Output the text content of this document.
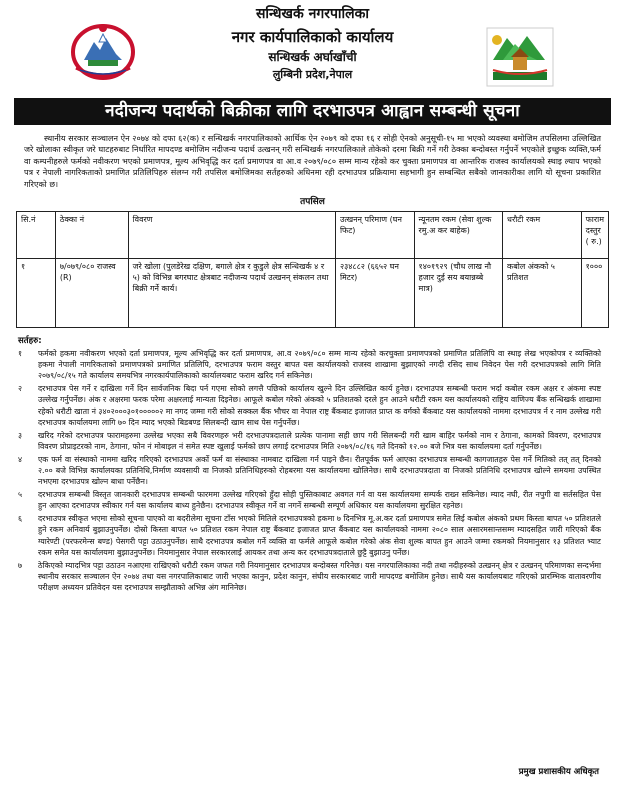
सन्धिखर्क नगरपालिका
नगर कार्यपालिकाको कार्यालय
सन्धिखर्क अर्घाखाँची
लुम्बिनी प्रदेश,नेपाल
नदीजन्य पदार्थको बिक्रीका लागि दरभाउपत्र आह्वान सम्बन्धी सूचना

स्थानीय सरकार सञ्चालन ऐन २०७४ को दफा ६२(क) र सन्धिखर्क नगरपालिकाको आर्थिक ऐन २०७९ को दफा १६ र सोही ऐनको अनुसूची-१५ मा भएको व्यवस्था बमोजिम तपसिलमा उल्लिखित जरे खोलाका स्वीकृत जरे घाटहरुबाट निर्धारित मापदण्ड बमोजिम नदीजन्य पदार्थ उत्खनन् गरी सन्धिखर्क नगरपालिकाले तोकेको दरमा बिक्री गर्ने गरी ठेक्का बन्दोबस्त गर्नुपर्ने भएकोले इच्छुक व्यक्ति,फर्म वा कम्पनीहरुले फर्मको नवीकरण भएको प्रमाणपत्र, मूल्य अभिवृद्धि कर दर्ता प्रमाणपत्र वा आ.व २०७९/०८० सम्म मान्य रहेको कर चुक्ता प्रमाणपत्र वा आन्तरिक राजस्व कार्यालयको स्थाइ ल्याप भएको पत्र र नेपाली नागरिकताको प्रमाणित प्रतिलिपिहरु संलग्न गरी तपसिल बमोजिमका सर्तहरुको अधिनमा रही दरभाउपत्र प्रक्रियामा सहभागी हुन सम्बन्धित सबैको जानकारीका लागि यो सूचना प्रकाशित गरिएको छ।

तपसिल
सि.नं	ठेक्का नं	विवरण	उत्खनन् परिमाण (घन फिट)	न्यूनतम रकम (सेवा शुल्क रमु.अ कर बाहेक)	धरौटी रकम	फाराम दस्तुर ( रु.)
१	७/०७९/०८० राजस्व (R)	जरे खोला (पुलडेरेख दक्षिण, बगाले क्षेत्र र कुडुले क्षेत्र सन्धिखर्क ४ र ५) को विभिन्न बगरघाट क्षेत्रबाट नदीजन्य पदार्थ उत्खनन् संकलन तथा बिक्री गर्ने कार्य।	२३४८८२ (६६५२ घन मिटर)	१४०१९२९ (चौध लाख नौ हजार दुई सय बयान्नब्बे मात्र)	कबोल अंकको ५ प्रतिशत	१०००
सर्तहरु:
१	फर्मको हकमा नवीकरण भएको दर्ता प्रमाणपत्र, मूल्य अभिवृद्धि कर दर्ता प्रमाणपत्र, आ.व २०७९/०८० सम्म मान्य रहेको करचुक्ता प्रमाणपत्रको प्रमाणित प्रतिलिपि वा स्थाइ लेख भएकोपत्र र व्यक्तिको हकमा नेपाली नागरिकताको प्रमाणपत्रको प्रमाणित प्रतिलिपि, दरभाउपत्र फराम वस्तुर बापत यस कार्यालयको राजस्व शाखामा बुझाएको नगदी रसिद साथ निवेदन पेस गरी दरभाउपत्रको लागि मिति २०७९/०८/१५ गते कार्यालय समयभित्र नगरकार्यपालिकाको कार्यालयबाट फराम खरिद गर्न सकिनेछ।
२	दरभाउपत्र पेस गर्ने र दाखिला गर्ने दिन सार्वजनिक बिदा पर्न गएमा सोको लगत्तै पछिको कार्यालय खुल्ने दिन उल्लिखित कार्य हुनेछ। दरभाउपत्र सम्बन्धी फराम भर्दा कबोल रकम अक्षर र अंकमा स्पष्ट उल्लेख गर्नुपर्नेछ। अंक र अक्षरमा फरक परेमा अक्षरलाई मान्यता दिइनेछ। आफूले कबोल गरेको अंकको ५ प्रतिशतको दरले हुन आउने धरौटी रकम यस कार्यालयको राष्ट्रिय वाणिज्य बैंक सन्धिखर्क शाखामा रहेको धरौटी खाता नं ३४०२०००३०१०००००२ मा नगद जम्मा गरी सोको सक्कल बैंक भौचर वा नेपाल राष्ट्र बैंकबाट इजाजत प्राप्त क वर्गको बैंकबाट यस कार्यालयको नाममा दरभाउपत्र र्न र नाम उल्लेख गरी दरभाउपत्र कार्यालयमा लागि ७० दिन म्याद भएको बिडबण्ड सिलबन्दी खाम साथ पेस गर्नुपर्नेछ।
३	खरिद गरेको दरभाउपत्र फारामहरुमा उल्लेख भएका सबै विवरणहरु भरी दरभाउपत्रदाताले प्रत्येक पानामा सही छाप गरी सिलबन्दी गरी खाम बाहिर फर्मको नाम र ठेगाना, कामको विवरण, दरभाउपत्र विवरण प्रोप्राइटरको नाम, ठेगाना, फोन नं मोबाइल नं समेत स्पष्ट खुलाई फर्मको छाप लगाई दरभाउपत्र मिति २०७९/०८/१६ गते दिनको १२.०० बजे भित्र यस कार्यालयमा दर्ता गर्नुपर्नेछ।
४	एक फर्म वा संस्थाको नाममा खरिद गरिएको दरभाउपत्र अर्को फर्म वा संस्थाका नामबाट दाखिला गर्न पाइने छैन। रीतपूर्वक फर्म आएका दरभाउपत्र सम्बन्धी कागजातहरु पेस गर्ने मितिको तत् तत् दिनको २.०० बजे विभिन्न कार्यालयका प्रतिनिधि,निर्माण व्यवसायी वा निजको प्रतिनिधिहरुको रोहबरमा यस कार्यालयमा खोलिनेछ। साथै दरभाउपत्रदाता वा निजको प्रतिनिधि दरभाउपत्र खोल्ने समयमा उपस्थित नभएमा दरभाउपत्र खोल्न बाधा पर्नेछैन।
५	दरभाउपत्र सम्बन्धी विस्तृत जानकारी दरभाउपत्र सम्बन्धी फारममा उल्लेख गरिएको हुँदा सोही पुस्तिकाबाट अवगत गर्न वा यस कार्यालयमा सम्पर्क राख्न सकिनेछ। म्याद नघी, रीत नपुगी वा सर्तसहित पेस हुन आएका दरभाउपत्र स्वीकार गर्न यस कार्यालय बाध्य हुनेछैन। दरभाउपत्र स्वीकृत गर्ने वा नगर्ने सम्बन्धी सम्पूर्ण अधिकार यस कार्यालयमा सुरक्षित रहनेछ।
६	दरभाउपत्र स्वीकृत भएमा सोको सूचना पाएको वा बदरीलेमा सूचना टाँस भएको मितिले दरभाउपत्रको हकमा ७ दिनभित्र मू.अ.कर दर्ता प्रमाणपत्र समेत लिई कबोल अंकको प्रथम किस्ता बापत ५० प्रतिशतले हुने रकम अनिवार्य बुझाउनुपर्नेछ। दोस्रो किस्ता बापत ५० प्रतिशत रकम नेपाल राष्ट्र बैंकबाट इजाजत प्राप्त बैंकबाट यस कार्यालयको नाममा २०८० साल असारमसान्तसम्म म्यादसहित जारी गरिएको बैंक ग्यारेण्टी (परफरमेन्स बण्ड) पेसगरी पट्टा उठाउनुपर्नेछ। साथै दरभाउपत्र कबोल गर्ने व्यक्ति वा फर्मले आफूले कबोल गरेको अंक सेवा शुल्क बापत हुन आउने जम्मा रकमको नियमानुसार १३ प्रतिशत भ्याट रकम समेत यस कार्यालयमा बुझाउनुपर्नेछ। नियमानुसार नेपाल सरकारलाई आयकर तथा अन्य कर दरभाउपत्रदाताले छुट्टै बुझाउनु पर्नेछ।
७	ठेकिएको म्यादभित्र पट्टा उठाउन नआएमा राखिएको धरौटी रकम जफत गरी नियमानुसार दरभाउपत्र बन्दोबस्त गरिनेछ। यस नगरपालिकाका नदी तथा नदीहरुको उत्खनन् क्षेत्र र उत्खनन् परिमाणका सन्दर्भमा स्थानीय सरकार सञ्चालन ऐन २०७४ तथा यस नगरपालिकाबाट जारी भएका कानुन, प्रदेश कानुन, संघीय सरकारबाट जारी मापदण्ड बमोजिम हुनेछ। साथै यस कार्यालयबाट गरिएको प्रारम्भिक वातावरणीय परीक्षण अध्ययन प्रतिवेदन यस दरभाउपत्र सम्झौताको अभिन्न अंग मानिनेछ।
प्रमुख प्रशासकीय अधिकृत
